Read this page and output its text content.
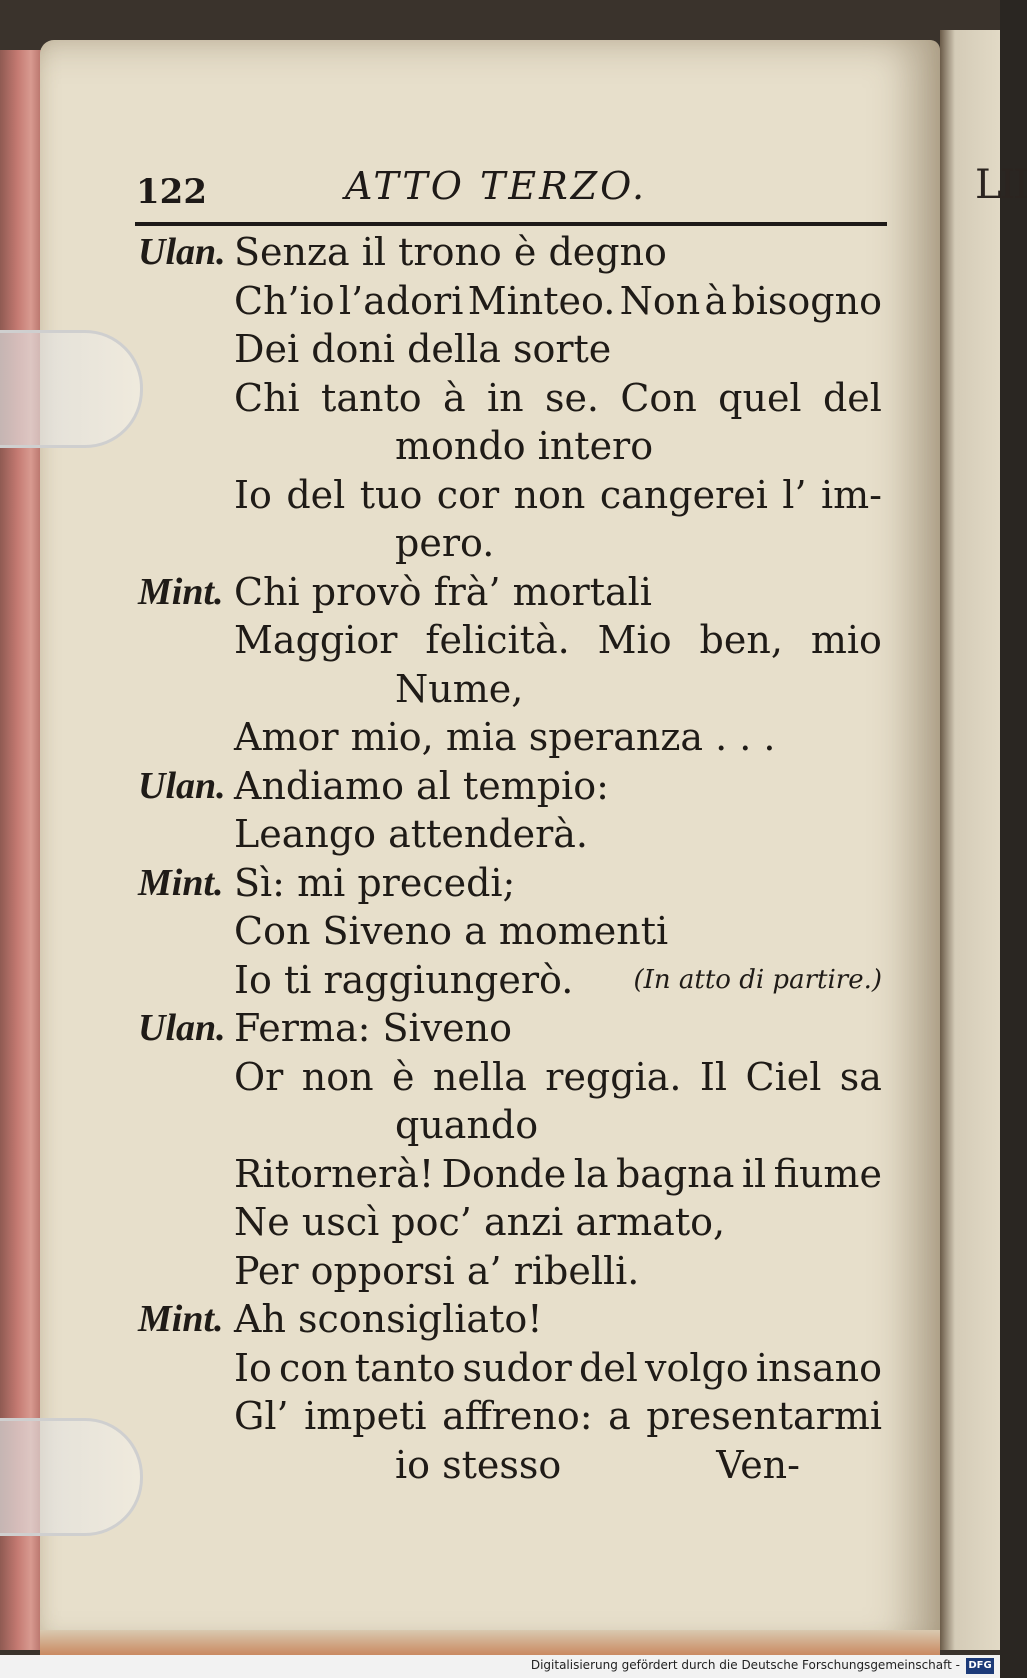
LII
122	ATTO TERZO.
Ulan. Senza il trono è degno
Ch’io l’adori Minteo. Non à bisogno
Dei doni della sorte
Chi tanto à in se. Con quel del
mondo intero
Io del tuo cor non cangerei l’ im-
pero.
Mint. Chi provò frà’ mortali
Maggior felicità. Mio ben, mio
Nume,
Amor mio, mia speranza . . .
Ulan. Andiamo al tempio:
Leango attenderà.
Mint. Sì: mi precedi;
Con Siveno a momenti
Io ti raggiungerò. (In atto di partire.)
Ulan. Ferma: Siveno
Or non è nella reggia. Il Ciel sa
quando
Ritornerà! Donde la bagna il fiume
Ne uscì poc’ anzi armato,
Per opporsi a’ ribelli.
Mint. Ah sconsigliato!
Io con tanto sudor del volgo insano
Gl’ impeti affreno: a presentarmi
io stesso	Ven-
Digitalisierung gefördert durch die Deutsche Forschungsgemeinschaft - DFG
